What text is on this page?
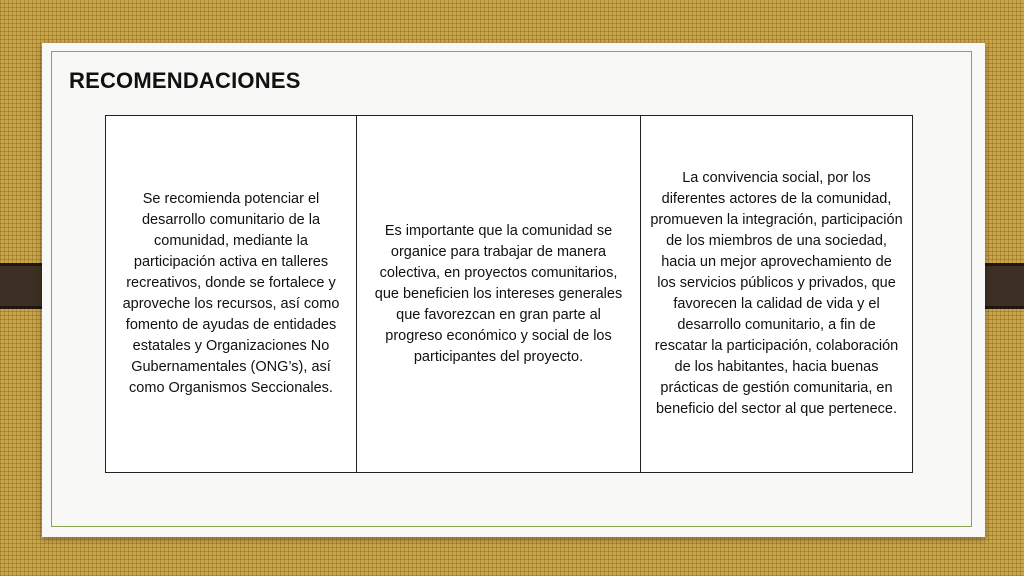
RECOMENDACIONES
Se recomienda potenciar el desarrollo comunitario de la comunidad, mediante la participación activa en talleres recreativos, donde se fortalece y aproveche los recursos, así como fomento de ayudas de entidades estatales y Organizaciones No Gubernamentales (ONG’s), así como Organismos Seccionales.	Es importante que la comunidad se organice para trabajar de manera colectiva, en proyectos comunitarios, que beneficien los intereses generales que favorezcan en gran parte al progreso económico y social de los participantes del proyecto.	La convivencia social, por los diferentes actores de la comunidad, promueven la integración, participación de los miembros de una sociedad, hacia un mejor aprovechamiento de los servicios públicos y privados, que favorecen la calidad de vida y el desarrollo comunitario, a fin de rescatar la participación, colaboración de los habitantes, hacia buenas prácticas de gestión comunitaria, en beneficio del sector al que pertenece.
